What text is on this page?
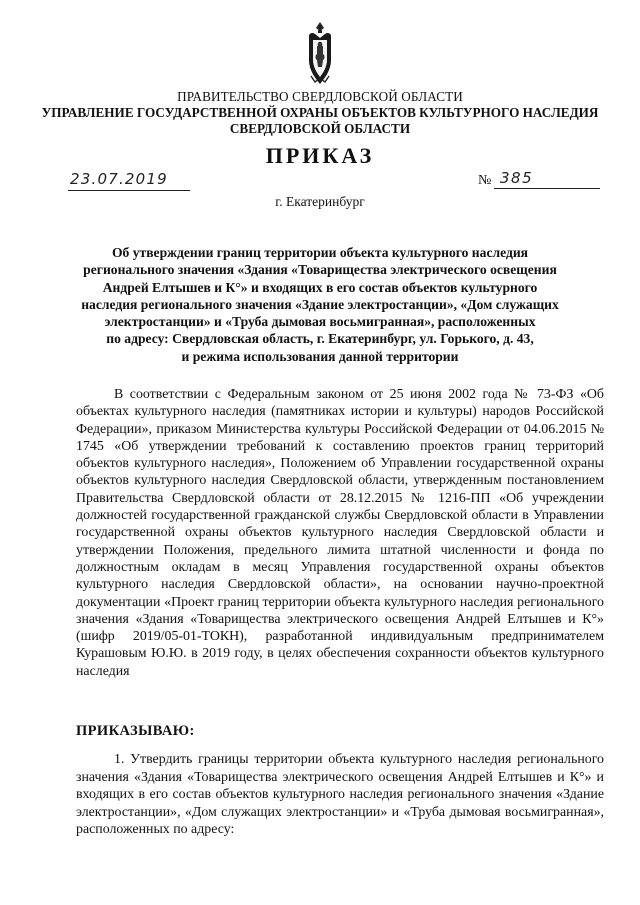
ПРАВИТЕЛЬСТВО СВЕРДЛОВСКОЙ ОБЛАСТИ
УПРАВЛЕНИЕ ГОСУДАРСТВЕННОЙ ОХРАНЫ ОБЪЕКТОВ КУЛЬТУРНОГО НАСЛЕДИЯ
СВЕРДЛОВСКОЙ ОБЛАСТИ
ПРИКАЗ
23.07.2019	№ 385
г. Екатеринбург
Об утверждении границ территории объекта культурного наследия
регионального значения «Здания «Товарищества электрического освещения
Андрей Елтышев и К°» и входящих в его состав объектов культурного
наследия регионального значения «Здание электростанции», «Дом служащих
электростанции» и «Труба дымовая восьмигранная», расположенных
по адресу: Свердловская область, г. Екатеринбург, ул. Горького, д. 43,
и режима использования данной территории

В соответствии с Федеральным законом от 25 июня 2002 года № 73-ФЗ «Об объектах культурного наследия (памятниках истории и культуры) народов Российской Федерации», приказом Министерства культуры Российской Федерации от 04.06.2015 № 1745 «Об утверждении требований к составлению проектов границ территорий объектов культурного наследия», Положением об Управлении государственной охраны объектов культурного наследия Свердловской области, утвержденным постановлением Правительства Свердловской области от 28.12.2015 № 1216-ПП «Об учреждении должностей государственной гражданской службы Свердловской области в Управлении государственной охраны объектов культурного наследия Свердловской области и утверждении Положения, предельного лимита штатной численности и фонда по должностным окладам в месяц Управления государственной охраны объектов культурного наследия Свердловской области», на основании научно-проектной документации «Проект границ территории объекта культурного наследия регионального значения «Здания «Товарищества электрического освещения Андрей Елтышев и К°» (шифр 2019/05-01-ТОКН), разработанной индивидуальным предпринимателем Курашовым Ю.Ю. в 2019 году, в целях обеспечения сохранности объектов культурного наследия

ПРИКАЗЫВАЮ:

1. Утвердить границы территории объекта культурного наследия регионального значения «Здания «Товарищества электрического освещения Андрей Елтышев и К°» и входящих в его состав объектов культурного наследия регионального значения «Здание электростанции», «Дом служащих электростанции» и «Труба дымовая восьмигранная», расположенных по адресу:
